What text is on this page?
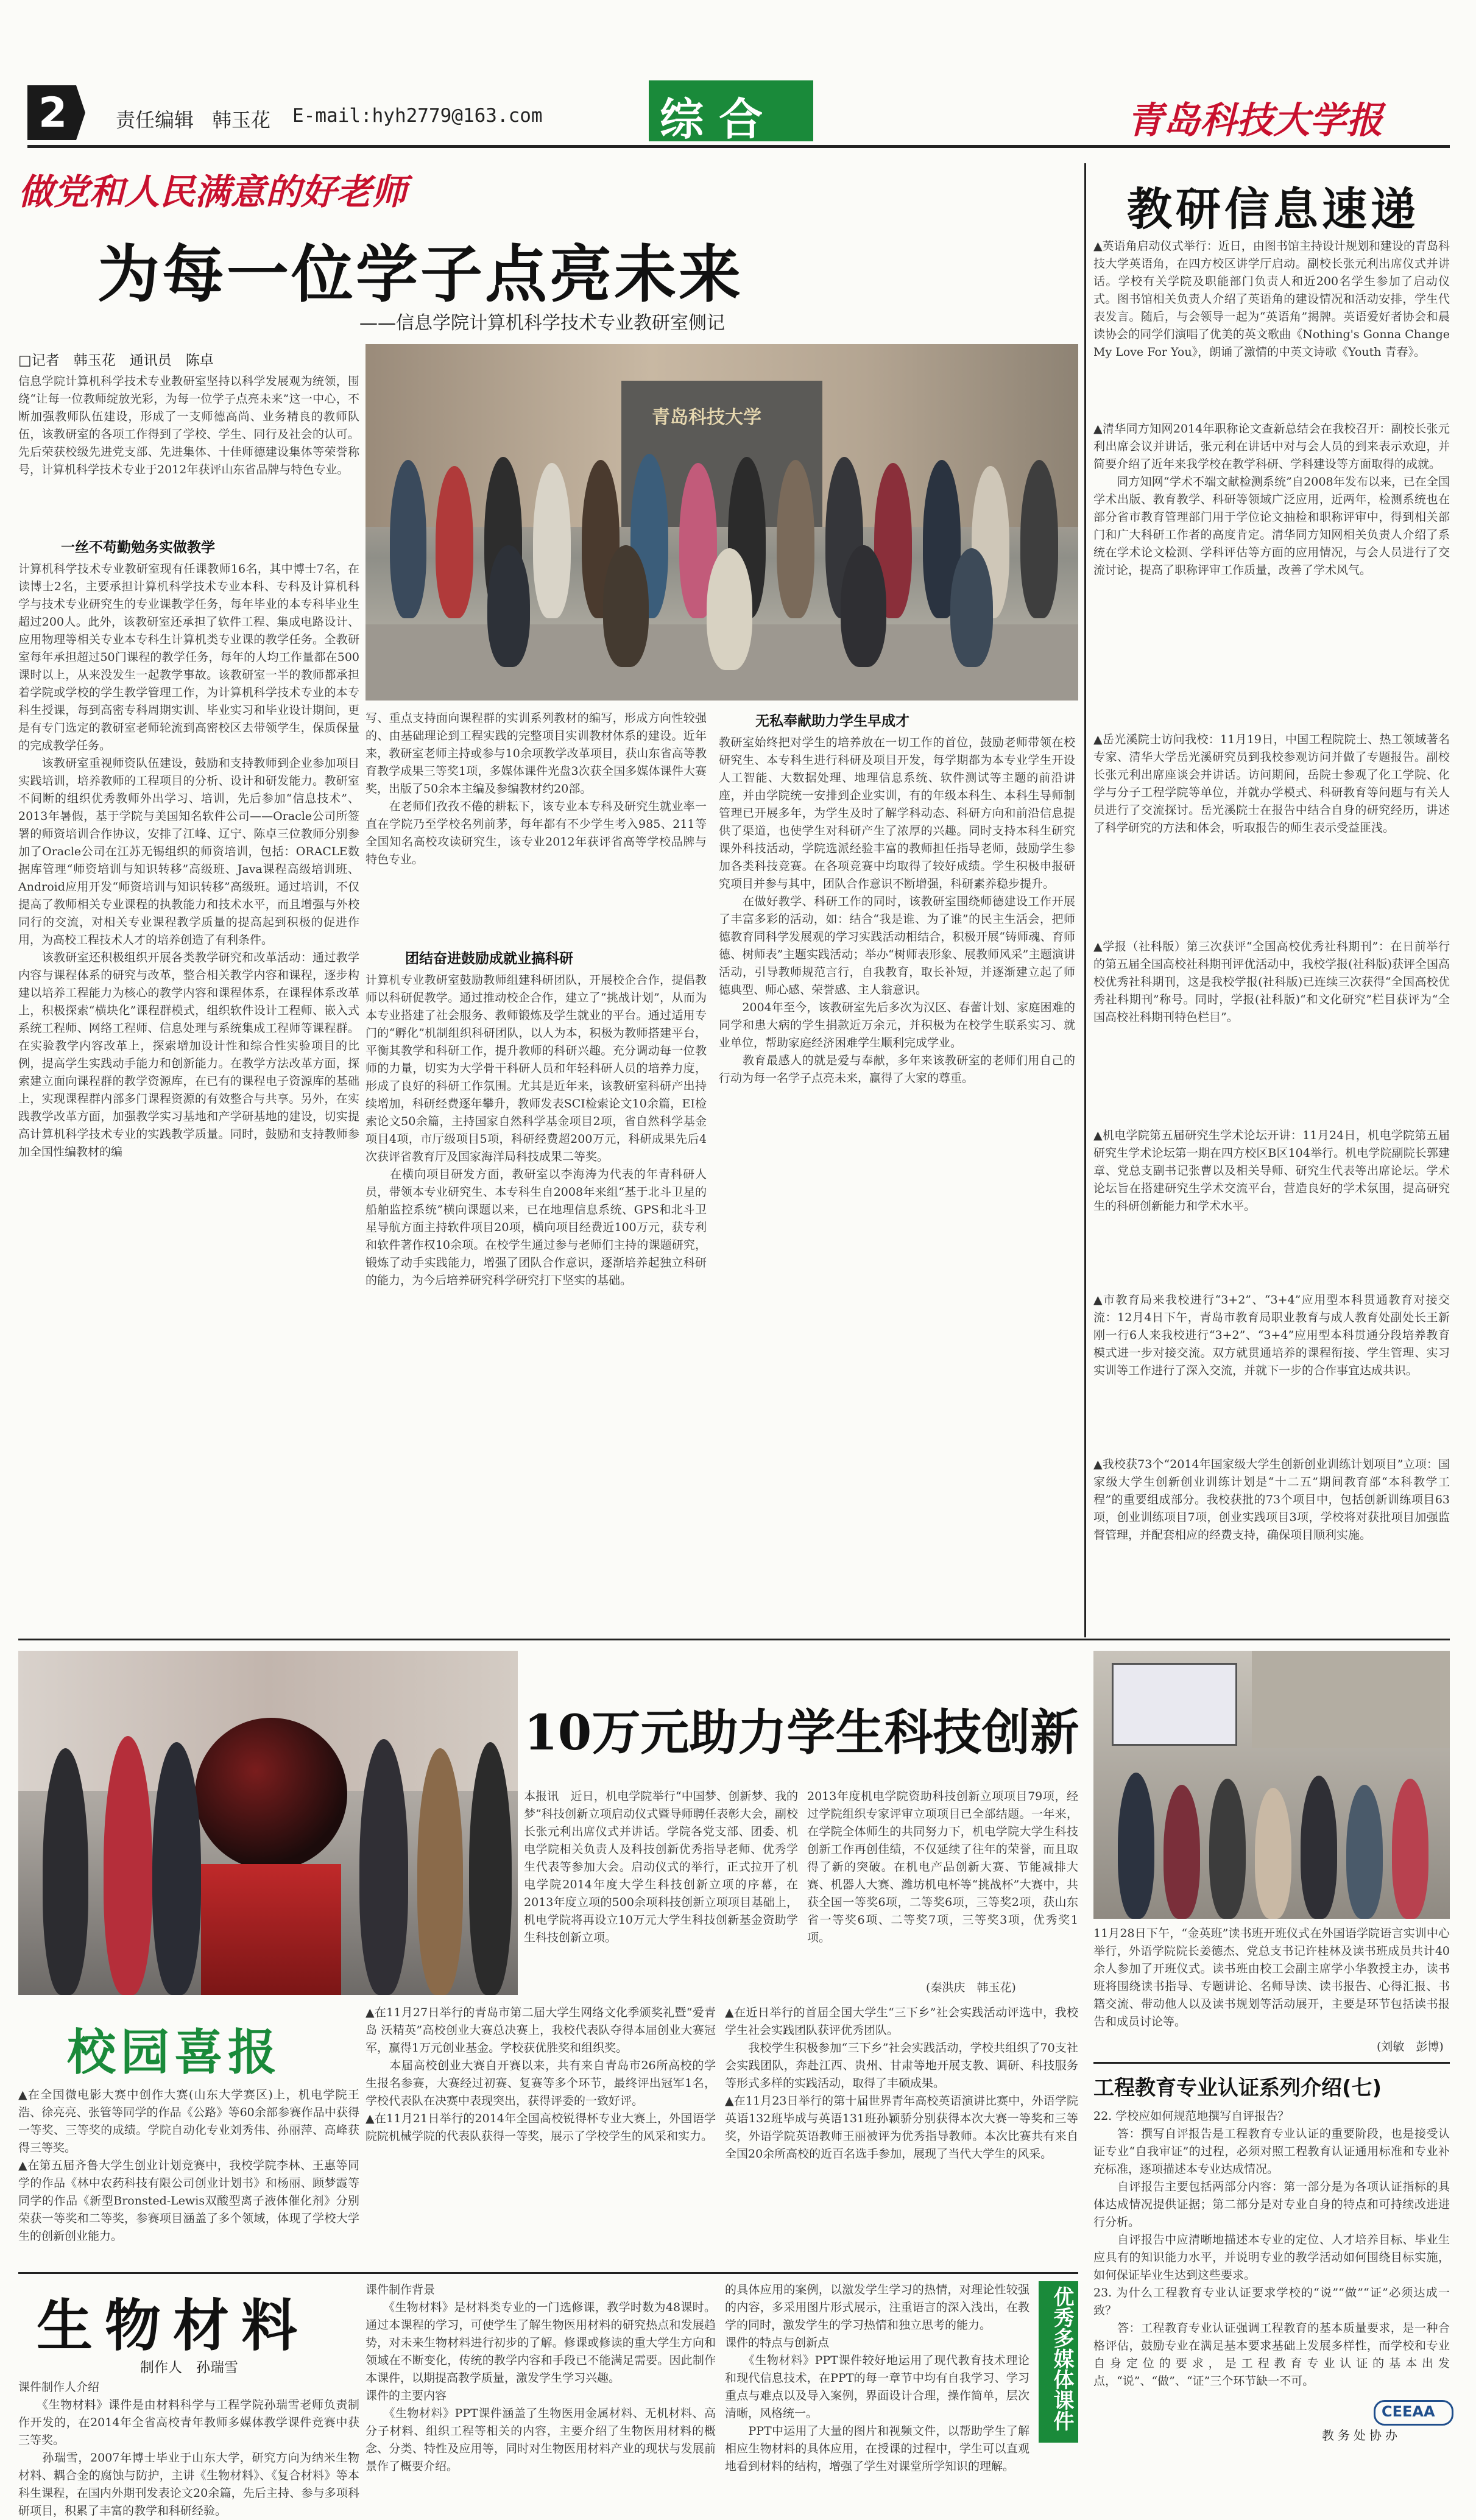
2 责任编辑 韩玉花 E-mail:hyh2779@163.com	综 合	青岛科技大学报
做党和人民满意的好老师
为每一位学子点亮未来
——信息学院计算机科学技术专业教研室侧记
□记者　韩玉花　通讯员　陈卓
信息学院计算机科学技术专业教研室坚持以科学发展观为统领，围绕“让每一位教师绽放光彩，为每一位学子点亮未来”这一中心，不断加强教师队伍建设，形成了一支师德高尚、业务精良的教师队伍，该教研室的各项工作得到了学校、学生、同行及社会的认可。先后荣获校级先进党支部、先进集体、十佳师德建设集体等荣誉称号，计算机科学技术专业于2012年获评山东省品牌与特色专业。
一丝不苟勤勉务实做教学
计算机科学技术专业教研室现有任课教师16名，其中博士7名，在读博士2名，主要承担计算机科学技术专业本科、专科及计算机科学与技术专业研究生的专业课教学任务，每年毕业的本专科毕业生超过200人。此外，该教研室还承担了软件工程、集成电路设计、应用物理等相关专业本专科生计算机类专业课的教学任务。全教研室每年承担超过50门课程的教学任务，每年的人均工作量都在500课时以上，从来没发生一起教学事故。该教研室一半的教师都承担着学院或学校的学生教学管理工作，为计算机科学技术专业的本专科生授课，每到高密专科周期实训、毕业实习和毕业设计期间，更是有专门选定的教研室老师轮流到高密校区去带领学生，保质保量的完成教学任务。
　　该教研室重视师资队伍建设，鼓励和支持教师到企业参加项目实践培训，培养教师的工程项目的分析、设计和研发能力。教研室不间断的组织优秀教师外出学习、培训，先后参加“信息技术”、2013年暑假，基于学院与美国知名软件公司——Oracle公司所签署的师资培训合作协议，安排了江峰、辽宁、陈卓三位教师分别参加了Oracle公司在江苏无锡组织的师资培训，包括：ORACLE数据库管理“师资培训与知识转移”高级班、Java课程高级培训班、Android应用开发“师资培训与知识转移”高级班。通过培训，不仅提高了教师相关专业课程的执教能力和技术水平，而且增强与外校同行的交流，对相关专业课程教学质量的提高起到积极的促进作用，为高校工程技术人才的培养创造了有利条件。
　　该教研室还积极组织开展各类教学研究和改革活动：通过教学内容与课程体系的研究与改革，整合相关教学内容和课程，逐步构建以培养工程能力为核心的教学内容和课程体系，在课程体系改革上，积极探索“横块化”课程群模式，组织软件设计工程师、嵌入式系统工程师、网络工程师、信息处理与系统集成工程师等课程群。在实验教学内容改革上，探索增加设计性和综合性实验项目的比例，提高学生实践动手能力和创新能力。在教学方法改革方面，探索建立面向课程群的教学资源库，在已有的课程电子资源库的基础上，实现课程群内部多门课程资源的有效整合与共享。另外，在实践教学改革方面，加强教学实习基地和产学研基地的建设，切实提高计算机科学技术专业的实践教学质量。同时，鼓励和支持教师参加全国性编教材的编
青岛科技大学
写、重点支持面向课程群的实训系列教材的编写，形成方向性较强的、由基础理论到工程实践的完整项目实训教材体系的建设。近年来，教研室老师主持或参与10余项教学改革项目，获山东省高等教育教学成果三等奖1项，多媒体课件光盘3次获全国多媒体课件大赛奖，出版了50余本主编及参编教材约20部。
　　在老师们孜孜不倦的耕耘下，该专业本专科及研究生就业率一直在学院乃至学校名列前茅，每年都有不少学生考入985、211等全国知名高校攻读研究生，该专业2012年获评省高等学校品牌与特色专业。
团结奋进鼓励成就业搞科研
计算机专业教研室鼓励教师组建科研团队，开展校企合作，提倡教师以科研促教学。通过推动校企合作，建立了“挑战计划”，从而为本专业搭建了社会服务、教师锻炼及学生就业的平台。通过适用专门的“孵化”机制组织科研团队，以人为本，积极为教师搭建平台，平衡其教学和科研工作，提升教师的科研兴趣。充分调动每一位教师的力量，切实为大学骨干科研人员和年轻科研人员的培养力度，形成了良好的科研工作氛围。尤其是近年来，该教研室科研产出持续增加，科研经费逐年攀升，教师发表SCI检索论文10余篇，EI检索论文50余篇，主持国家自然科学基金项目2项，省自然科学基金项目4项，市厅级项目5项，科研经费超200万元，科研成果先后4次获评省教育厅及国家海洋局科技成果二等奖。
　　在横向项目研发方面，教研室以李海涛为代表的年青科研人员，带领本专业研究生、本专科生自2008年来组“基于北斗卫星的船舶监控系统”横向课题以来，已在地理信息系统、GPS和北斗卫星导航方面主持软件项目20项，横向项目经费近100万元，获专利和软件著作权10余项。在校学生通过参与老师们主持的课题研究，锻炼了动手实践能力，增强了团队合作意识，逐渐培养起独立科研的能力，为今后培养研究科学研究打下坚实的基础。
无私奉献助力学生早成才
教研室始终把对学生的培养放在一切工作的首位，鼓励老师带领在校研究生、本专科生进行科研及项目开发，每学期都为本专业学生开设人工智能、大数据处理、地理信息系统、软件测试等主题的前沿讲座，并由学院统一安排到企业实训，有的年级本科生、本科生导师制管理已开展多年，为学生及时了解学科动态、科研方向和前沿信息提供了渠道，也使学生对科研产生了浓厚的兴趣。同时支持本科生研究课外科技活动，学院选派经验丰富的教师担任指导老师，鼓励学生参加各类科技竞赛。在各项竞赛中均取得了较好成绩。学生积极申报研究项目并参与其中，团队合作意识不断增强，科研素养稳步提升。
　　在做好教学、科研工作的同时，该教研室围绕师德建设工作开展了丰富多彩的活动，如：结合“我是谁、为了谁”的民主生活会，把师德教育同科学发展观的学习实践活动相结合，积极开展“铸师魂、育师德、树师表”主题实践活动；举办“树师表形象、展教师风采”主题演讲活动，引导教师规范言行，自我教育，取长补短，并逐渐建立起了师德典型、师心感、荣誉感、主人翁意识。
　　2004年至今，该教研室先后多次为汉区、春蕾计划、家庭困难的同学和患大病的学生捐款近万余元，并积极为在校学生联系实习、就业单位，帮助家庭经济困难学生顺利完成学业。
　　教育最感人的就是爱与奉献，多年来该教研室的老师们用自己的行动为每一名学子点亮未来，赢得了大家的尊重。
教研信息速递
▲英语角启动仪式举行：近日，由图书馆主持设计规划和建设的青岛科技大学英语角，在四方校区讲学厅启动。副校长张元利出席仪式并讲话。学校有关学院及职能部门负责人和近200名学生参加了启动仪式。图书馆相关负责人介绍了英语角的建设情况和活动安排，学生代表发言。随后，与会领导一起为“英语角”揭牌。英语爱好者协会和晨读协会的同学们演唱了优美的英文歌曲《Nothing's Gonna Change My Love For You》，朗诵了激情的中英文诗歌《Youth 青春》。
▲清华同方知网2014年职称论文查新总结会在我校召开：副校长张元利出席会议并讲话，张元利在讲话中对与会人员的到来表示欢迎，并简要介绍了近年来我学校在教学科研、学科建设等方面取得的成就。
　　同方知网“学术不端文献检测系统”自2008年发布以来，已在全国学术出版、教育教学、科研等领域广泛应用，近两年，检测系统也在部分省市教育管理部门用于学位论文抽检和职称评审中，得到相关部门和广大科研工作者的高度肯定。清华同方知网相关负责人介绍了系统在学术论文检测、学科评估等方面的应用情况，与会人员进行了交流讨论，提高了职称评审工作质量，改善了学术风气。
▲岳光溪院士访问我校：11月19日，中国工程院院士、热工领域著名专家、清华大学岳光溪研究员到我校参观访问并做了专题报告。副校长张元利出席座谈会并讲话。访问期间，岳院士参观了化工学院、化学与分子工程学院等单位，并就办学模式、科研教育等问题与有关人员进行了交流探讨。岳光溪院士在报告中结合自身的研究经历，讲述了科学研究的方法和体会，听取报告的师生表示受益匪浅。
▲学报（社科版）第三次获评“全国高校优秀社科期刊”：在日前举行的第五届全国高校社科期刊评优活动中，我校学报(社科版)获评全国高校优秀社科期刊，这是我校学报(社科版)已连续三次获得“全国高校优秀社科期刊”称号。同时，学报(社科版)“和文化研究”栏目获评为“全国高校社科期刊特色栏目”。
▲机电学院第五届研究生学术论坛开讲：11月24日，机电学院第五届研究生学术论坛第一期在四方校区B区104举行。机电学院副院长郭建章、党总支副书记张曹以及相关导师、研究生代表等出席论坛。学术论坛旨在搭建研究生学术交流平台，营造良好的学术氛围，提高研究生的科研创新能力和学术水平。
▲市教育局来我校进行“3+2”、“3+4”应用型本科贯通教育对接交流：12月4日下午，青岛市教育局职业教育与成人教育处副处长王新刚一行6人来我校进行“3+2”、“3+4”应用型本科贯通分段培养教育模式进一步对接交流。双方就贯通培养的课程衔接、学生管理、实习实训等工作进行了深入交流，并就下一步的合作事宜达成共识。
▲我校获73个“2014年国家级大学生创新创业训练计划项目”立项：国家级大学生创新创业训练计划是“十二五”期间教育部“本科教学工程”的重要组成部分。我校获批的73个项目中，包括创新训练项目63项，创业训练项目7项，创业实践项目3项，学校将对获批项目加强监督管理，并配套相应的经费支持，确保项目顺利实施。
10万元助力学生科技创新
本报讯　近日，机电学院举行“中国梦、创新梦、我的梦”科技创新立项启动仪式暨导师聘任表彰大会，副校长张元利出席仪式并讲话。学院各党支部、团委、机电学院相关负责人及科技创新优秀指导老师、优秀学生代表等参加大会。启动仪式的举行，正式拉开了机电学院2014年度大学生科技创新立项的序幕，在2013年度立项的500余项科技创新立项项目基础上，机电学院将再设立10万元大学生科技创新基金资助学生科技创新立项。
2013年度机电学院资助科技创新立项项目79项，经过学院组织专家评审立项项目已全部结题。一年来，在学院全体师生的共同努力下，机电学院大学生科技创新工作再创佳绩，不仅延续了往年的荣誉，而且取得了新的突破。在机电产品创新大赛、节能减排大赛、机器人大赛、潍坊机电杯等“挑战杯”大赛中，共获全国一等奖6项，二等奖6项，三等奖2项，获山东省一等奖6项、二等奖7项，三等奖3项，优秀奖1项。
(秦洪庆　韩玉花)
11月28日下午，“金英班”读书班开班仪式在外国语学院语言实训中心举行，外语学院院长姜德杰、党总支书记许桂林及读书班成员共计40余人参加了开班仪式。读书班由校工会副主席学小华教授主办，读书班将围绕读书指导、专题讲论、名师导读、读书报告、心得汇报、书籍交流、带动他人以及读书规划等活动展开，主要是环节包括读书报告和成员讨论等。
(刘敏　彭博)
校园喜报
▲在全国微电影大赛中创作大赛(山东大学赛区)上，机电学院王浩、徐亮亮、张管等同学的作品《公路》等60余部参赛作品中获得一等奖、三等奖的成绩。学院自动化专业刘秀伟、孙丽萍、高峰获得三等奖。
▲在第五届齐鲁大学生创业计划竞赛中，我校学院李林、王惠等同学的作品《林中农药科技有限公司创业计划书》和杨丽、顾梦霞等同学的作品《新型Bronsted-Lewis双酸型离子液体催化剂》分别荣获一等奖和二等奖，参赛项目涵盖了多个领域，体现了学校大学生的创新创业能力。
▲在11月27日举行的青岛市第二届大学生网络文化季颁奖礼暨“爱青岛 沃精英”高校创业大赛总决赛上，我校代表队夺得本届创业大赛冠军，赢得1万元创业基金。学校获优胜奖和组织奖。
　　本届高校创业大赛自开赛以来，共有来自青岛市26所高校的学生报名参赛，大赛经过初赛、复赛等多个环节，最终评出冠军1名，学校代表队在决赛中表现突出，获得评委的一致好评。
▲在11月21日举行的2014年全国高校锐得杯专业大赛上，外国语学院院机械学院的代表队获得一等奖，展示了学校学生的风采和实力。
▲在近日举行的首届全国大学生“三下乡”社会实践活动评选中，我校学生社会实践团队获评优秀团队。
　　我校学生积极参加“三下乡”社会实践活动，学校共组织了70支社会实践团队，奔赴江西、贵州、甘肃等地开展支教、调研、科技服务等形式多样的实践活动，取得了丰硕成果。
▲在11月23日举行的第十届世界青年高校英语演讲比赛中，外语学院英语132班毕成与英语131班孙颖骄分别获得本次大赛一等奖和三等奖，外语学院英语教师王丽被评为优秀指导教师。本次比赛共有来自全国20余所高校的近百名选手参加，展现了当代大学生的风采。
工程教育专业认证系列介绍(七)
22. 学校应如何规范地撰写自评报告？
　　答：撰写自评报告是工程教育专业认证的重要阶段，也是接受认证专业“自我审证”的过程，必须对照工程教育认证通用标准和专业补充标准，逐项描述本专业达成情况。
　　自评报告主要包括两部分内容：第一部分是为各项认证指标的具体达成情况提供证据；第二部分是对专业自身的特点和可持续改进进行分析。
　　自评报告中应清晰地描述本专业的定位、人才培养目标、毕业生应具有的知识能力水平，并说明专业的教学活动如何围绕目标实施，如何保证毕业生达到这些要求。
23. 为什么工程教育专业认证要求学校的“说”“做”“证”必须达成一致？
　　答：工程教育专业认证强调工程教育的基本质量要求，是一种合格评估，鼓励专业在满足基本要求基础上发展多样性，而学校和专业自身定位的要求，是工程教育专业认证的基本出发点，“说”、“做”、“证”三个环节缺一不可。
CEEAA
教务处协办
生物材料
制作人　孙瑞雪
课件制作人介绍
　　《生物材料》课件是由材料科学与工程学院孙瑞雪老师负责制作开发的，在2014年全省高校青年教师多媒体教学课件竞赛中获三等奖。
　　孙瑞雪，2007年博士毕业于山东大学，研究方向为纳米生物材料、耦合金的腐蚀与防护，主讲《生物材料》、《复合材料》等本科生课程，在国内外期刊发表论文20余篇，先后主持、参与多项科研项目，积累了丰富的教学和科研经验。
课件制作背景
　　《生物材料》是材料类专业的一门选修课，教学时数为48课时。通过本课程的学习，可使学生了解生物医用材料的研究热点和发展趋势，对未来生物材料进行初步的了解。修课或修读的重大学生方向和领域在不断变化，传统的教学内容和手段已不能满足需要。因此制作本课件，以期提高教学质量，激发学生学习兴趣。
课件的主要内容
　　《生物材料》PPT课件涵盖了生物医用金属材料、无机材料、高分子材料、组织工程等相关的内容，主要介绍了生物医用材料的概念、分类、特性及应用等，同时对生物医用材料产业的现状与发展前景作了概要介绍。
的具体应用的案例，以激发学生学习的热情，对理论性较强的内容，多采用图片形式展示，注重语言的深入浅出，在教学的同时，激发学生的学习热情和独立思考的能力。
课件的特点与创新点
　　《生物材料》PPT课件较好地运用了现代教育技术理论和现代信息技术，在PPT的每一章节中均有自我学习、学习重点与难点以及导入案例，界面设计合理，操作简单，层次清晰，风格统一。
　　PPT中运用了大量的图片和视频文件，以帮助学生了解相应生物材料的具体应用，在授课的过程中，学生可以直观地看到材料的结构，增强了学生对课堂所学知识的理解。
优秀多媒体课件
